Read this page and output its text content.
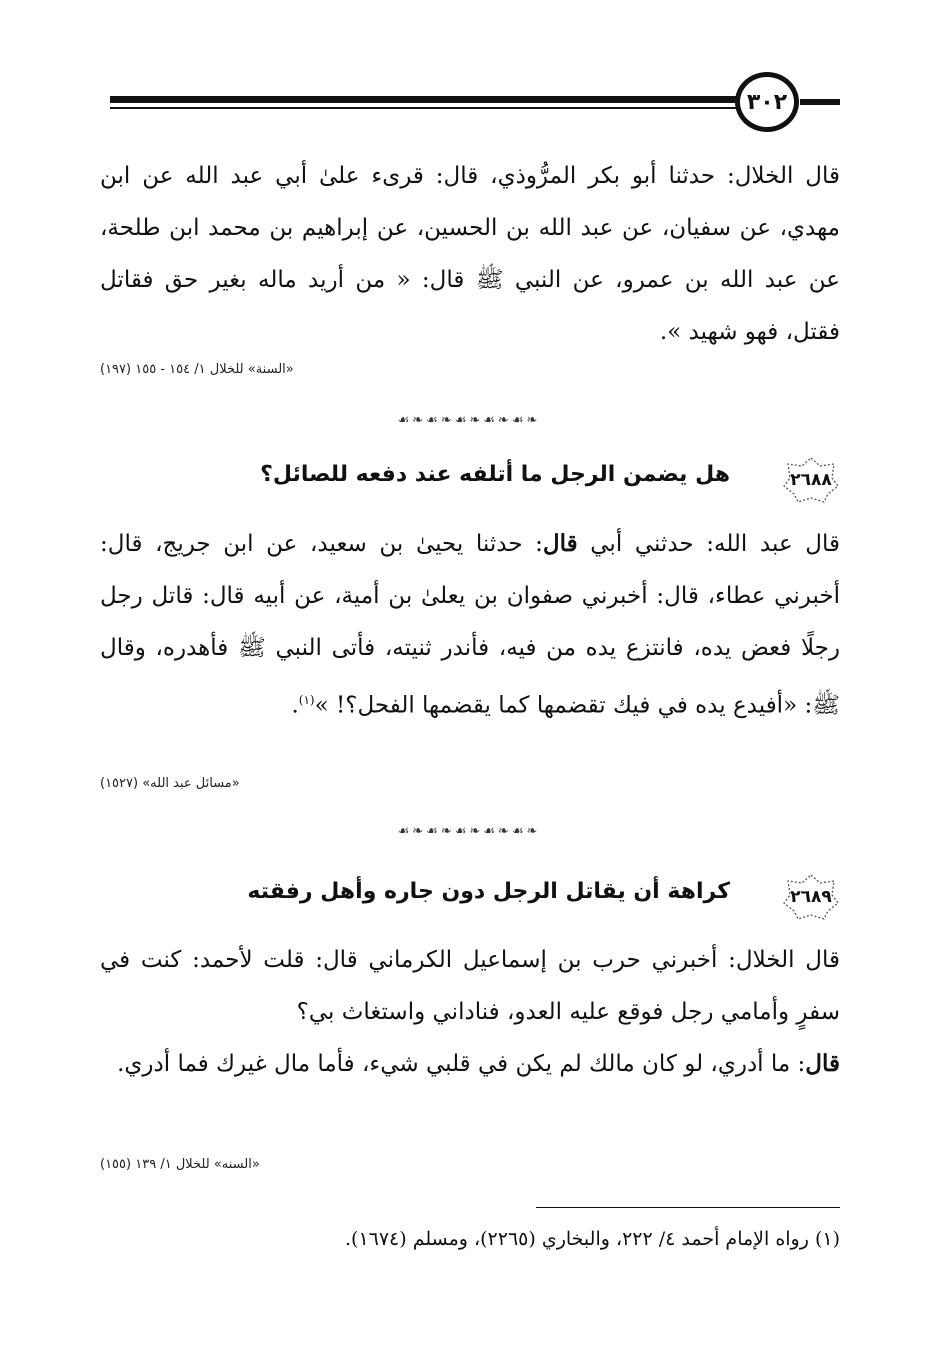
٣٠٢

قال الخلال: حدثنا أبو بكر المرُّوذي، قال: قرىء علىٰ أبي عبد الله عن ابن مهدي، عن سفيان، عن عبد الله بن الحسين، عن إبراهيم بن محمد ابن طلحة، عن عبد الله بن عمرو، عن النبي ﷺ قال: « من أريد ماله بغير حق فقاتل فقتل، فهو شهيد ».

«السنة» للخلال ١/ ١٥٤ - ١٥٥ (١٩٧)
☙❧☙❧☙❧☙❧☙❧
٢٦٨٨
هل يضمن الرجل ما أتلفه عند دفعه للصائل؟

قال عبد الله: حدثني أبي قال: حدثنا يحيىٰ بن سعيد، عن ابن جريج، قال: أخبرني عطاء، قال: أخبرني صفوان بن يعلىٰ بن أمية، عن أبيه قال: قاتل رجل رجلًا فعض يده، فانتزع يده من فيه، فأندر ثنيته، فأتى النبي ﷺ فأهدره، وقال ﷺ: «أفيدع يده في فيك تقضمها كما يقضمها الفحل؟! »$^{(١)}$.

«مسائل عبد الله» (١٥٢٧)
☙❧☙❧☙❧☙❧☙❧
٢٦٨٩
كراهة أن يقاتل الرجل دون جاره وأهل رفقته

قال الخلال: أخبرني حرب بن إسماعيل الكرماني قال: قلت لأحمد: كنت في سفرٍ وأمامي رجل فوقع عليه العدو، فناداني واستغاث بي؟

قال: ما أدري، لو كان مالك لم يكن في قلبي شيء، فأما مال غيرك فما أدري.

«السنه» للخلال ١/ ١٣٩ (١٥٥)
(١) رواه الإمام أحمد ٤/ ٢٢٢، والبخاري (٢٢٦٥)، ومسلم (١٦٧٤).
